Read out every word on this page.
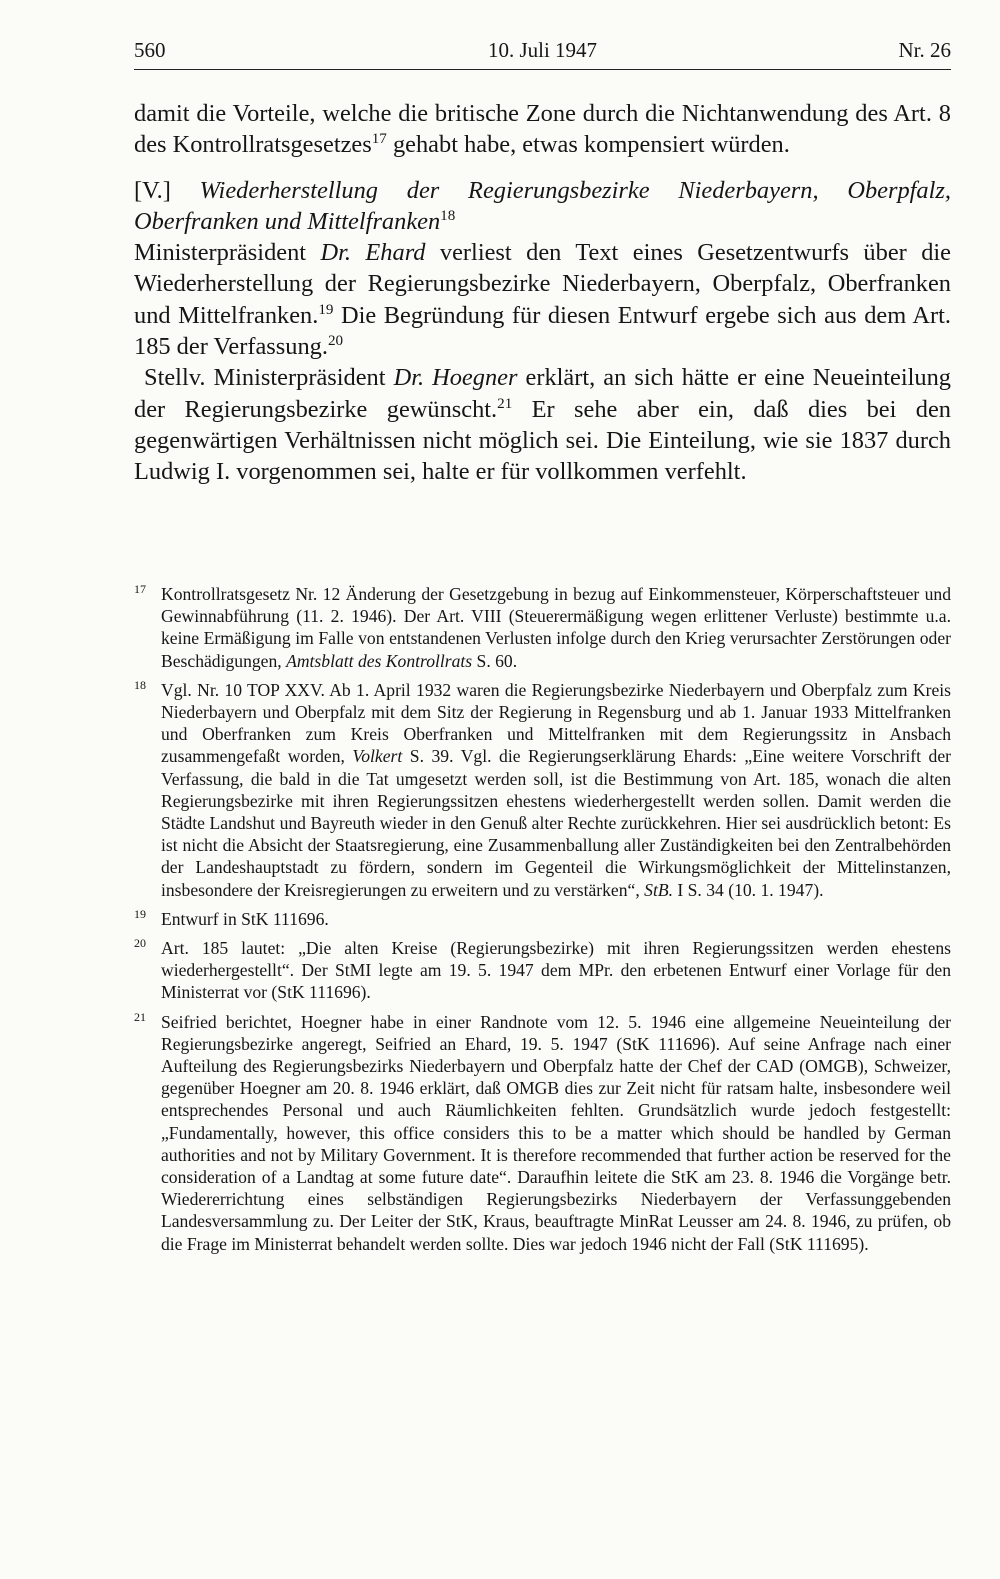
560	10. Juli 1947	Nr. 26

damit die Vorteile, welche die britische Zone durch die Nichtanwendung des Art. 8 des Kontrollratsgesetzes$^{17}$ gehabt habe, etwas kompensiert würden.

[V.] Wiederherstellung der Regierungsbezirke Niederbayern, Oberpfalz, Oberfranken und Mittelfranken$^{18}$

Ministerpräsident Dr. Ehard verliest den Text eines Gesetzentwurfs über die Wiederherstellung der Regierungsbezirke Niederbayern, Oberpfalz, Oberfranken und Mittelfranken.$^{19}$ Die Begründung für diesen Entwurf ergebe sich aus dem Art. 185 der Verfassung.$^{20}$

Stellv. Ministerpräsident Dr. Hoegner erklärt, an sich hätte er eine Neueinteilung der Regierungsbezirke gewünscht.$^{21}$ Er sehe aber ein, daß dies bei den gegenwärtigen Verhältnissen nicht möglich sei. Die Einteilung, wie sie 1837 durch Ludwig I. vorgenommen sei, halte er für vollkommen verfehlt.

17 Kontrollratsgesetz Nr. 12 Änderung der Gesetzgebung in bezug auf Einkommensteuer, Körperschaftsteuer und Gewinnabführung (11. 2. 1946). Der Art. VIII (Steuerermäßigung wegen erlittener Verluste) bestimmte u.a. keine Ermäßigung im Falle von entstandenen Verlusten infolge durch den Krieg verursachter Zerstörungen oder Beschädigungen, Amtsblatt des Kontrollrats S. 60.

18 Vgl. Nr. 10 TOP XXV. Ab 1. April 1932 waren die Regierungsbezirke Niederbayern und Oberpfalz zum Kreis Niederbayern und Oberpfalz mit dem Sitz der Regierung in Regensburg und ab 1. Januar 1933 Mittelfranken und Oberfranken zum Kreis Oberfranken und Mittelfranken mit dem Regierungssitz in Ansbach zusammengefaßt worden, Volkert S. 39. Vgl. die Regierungserklärung Ehards: „Eine weitere Vorschrift der Verfassung, die bald in die Tat umgesetzt werden soll, ist die Bestimmung von Art. 185, wonach die alten Regierungsbezirke mit ihren Regierungssitzen ehestens wiederhergestellt werden sollen. Damit werden die Städte Landshut und Bayreuth wieder in den Genuß alter Rechte zurückkehren. Hier sei ausdrücklich betont: Es ist nicht die Absicht der Staatsregierung, eine Zusammenballung aller Zuständigkeiten bei den Zentralbehörden der Landeshauptstadt zu fördern, sondern im Gegenteil die Wirkungsmöglichkeit der Mittelinstanzen, insbesondere der Kreisregierungen zu erweitern und zu verstärken“, StB. I S. 34 (10. 1. 1947).

19 Entwurf in StK 111696.

20 Art. 185 lautet: „Die alten Kreise (Regierungsbezirke) mit ihren Regierungssitzen werden ehestens wiederhergestellt“. Der StMI legte am 19. 5. 1947 dem MPr. den erbetenen Entwurf einer Vorlage für den Ministerrat vor (StK 111696).

21 Seifried berichtet, Hoegner habe in einer Randnote vom 12. 5. 1946 eine allgemeine Neueinteilung der Regierungsbezirke angeregt, Seifried an Ehard, 19. 5. 1947 (StK 111696). Auf seine Anfrage nach einer Aufteilung des Regierungsbezirks Niederbayern und Oberpfalz hatte der Chef der CAD (OMGB), Schweizer, gegenüber Hoegner am 20. 8. 1946 erklärt, daß OMGB dies zur Zeit nicht für ratsam halte, insbesondere weil entsprechendes Personal und auch Räumlichkeiten fehlten. Grundsätzlich wurde jedoch festgestellt: „Fundamentally, however, this office considers this to be a matter which should be handled by German authorities and not by Military Government. It is therefore recommended that further action be reserved for the consideration of a Landtag at some future date“. Daraufhin leitete die StK am 23. 8. 1946 die Vorgänge betr. Wiedererrichtung eines selbständigen Regierungsbezirks Niederbayern der Verfassunggebenden Landesversammlung zu. Der Leiter der StK, Kraus, beauftragte MinRat Leusser am 24. 8. 1946, zu prüfen, ob die Frage im Ministerrat behandelt werden sollte. Dies war jedoch 1946 nicht der Fall (StK 111695).
